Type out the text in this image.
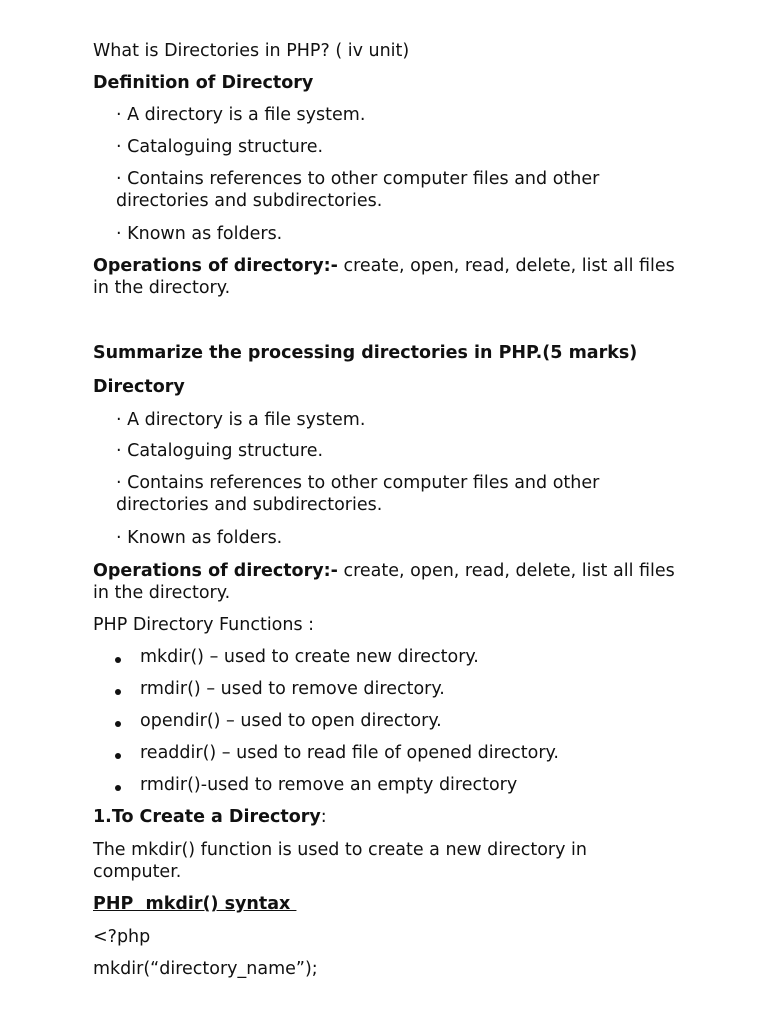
What is Directories in PHP? ( iv unit)
Definition of Directory
· A directory is a file system.
· Cataloguing structure.
· Contains references to other computer files and other directories and subdirectories.
· Known as folders.
Operations of directory:- create, open, read, delete, list all files in the directory.
Summarize the processing directories in PHP.(5 marks)
Directory
· A directory is a file system.
· Cataloguing structure.
· Contains references to other computer files and other directories and subdirectories.
· Known as folders.
Operations of directory:- create, open, read, delete, list all files in the directory.
PHP Directory Functions :
mkdir() – used to create new directory.
rmdir() – used to remove directory.
opendir() – used to open directory.
readdir() – used to read file of opened directory.
rmdir()-used to remove an empty directory
1.To Create a Directory:
The mkdir() function is used to create a new directory in computer.
PHP  mkdir() syntax
<?php
mkdir(“directory_name”);
